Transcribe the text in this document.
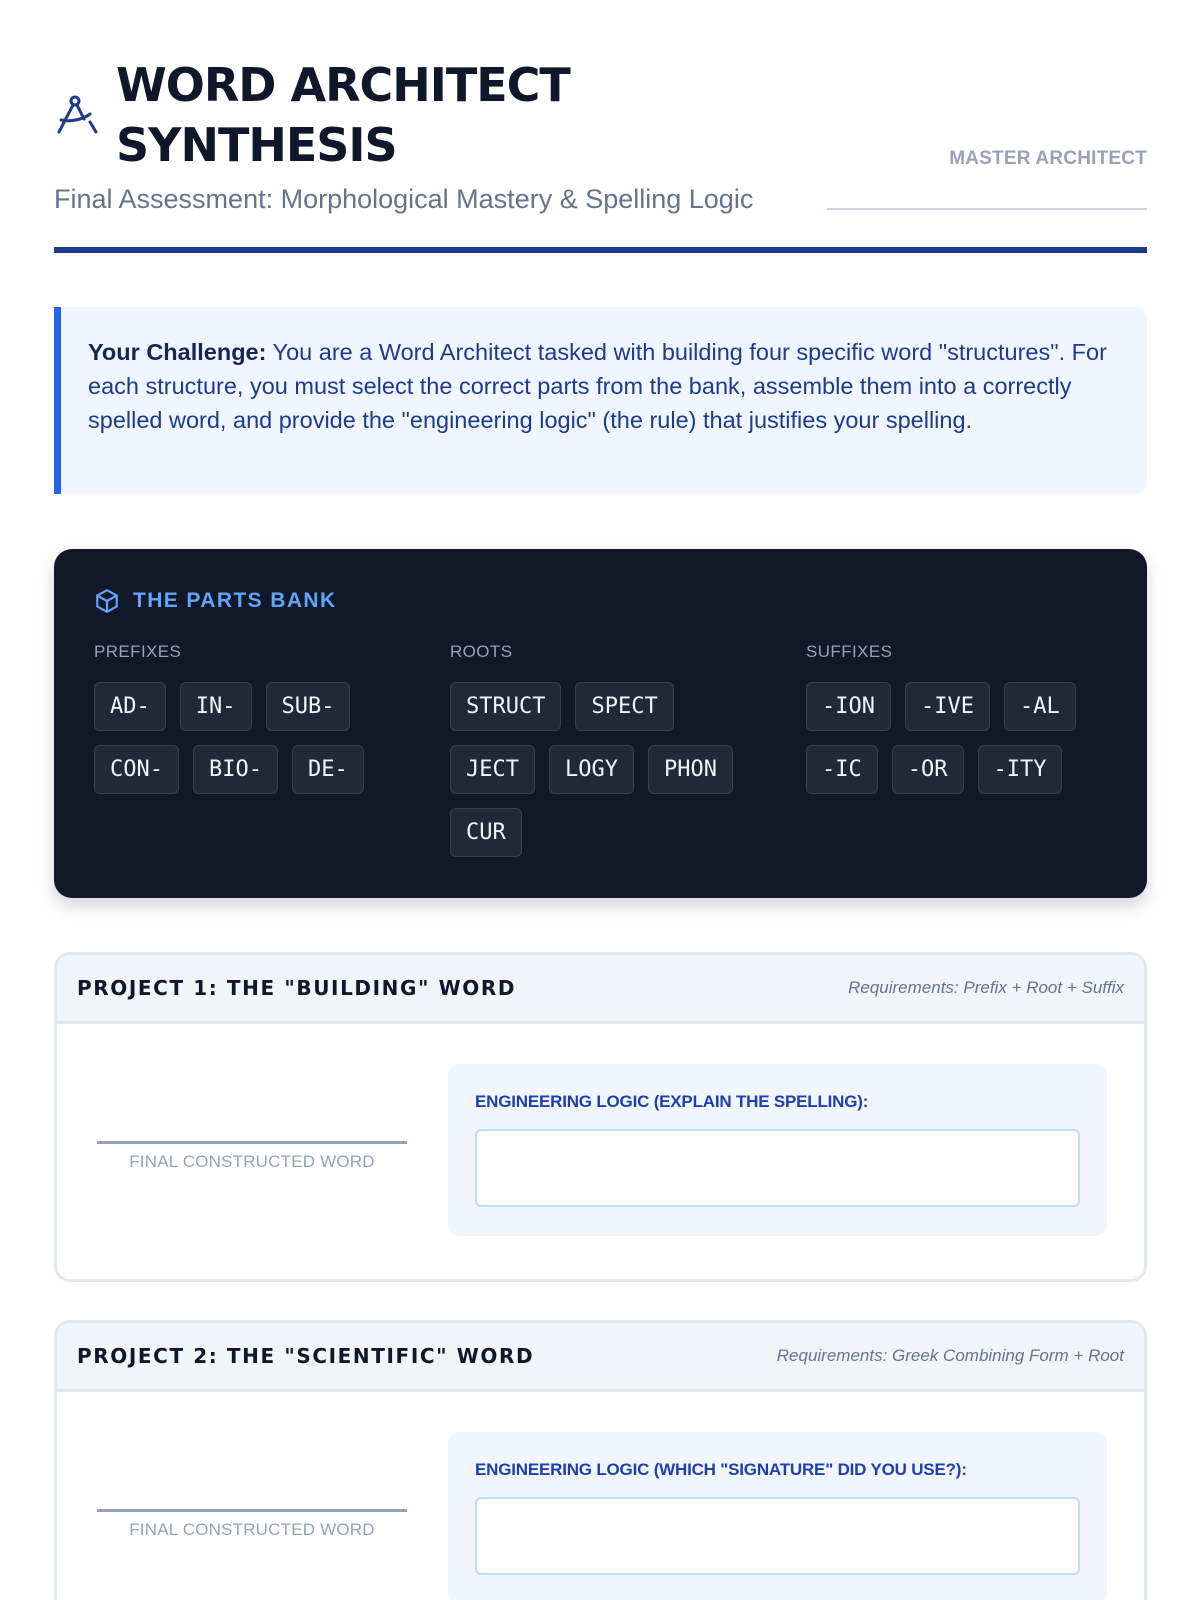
WORD ARCHITECT
SYNTHESIS
Final Assessment: Morphological Mastery & Spelling Logic
MASTER ARCHITECT
Your Challenge: You are a Word Architect tasked with building four specific word "structures". For each structure, you must select the correct parts from the bank, assemble them into a correctly spelled word, and provide the "engineering logic" (the rule) that justifies your spelling.
THE PARTS BANK
PREFIXES
AD-	IN-	SUB-
CON-	BIO-	DE-
ROOTS
STRUCT	SPECT
JECT	LOGY	PHON
CUR
SUFFIXES
-ION	-IVE	-AL
-IC	-OR	-ITY
PROJECT 1: THE "BUILDING" WORD	Requirements: Prefix + Root + Suffix
FINAL CONSTRUCTED WORD
ENGINEERING LOGIC (EXPLAIN THE SPELLING):
PROJECT 2: THE "SCIENTIFIC" WORD	Requirements: Greek Combining Form + Root
FINAL CONSTRUCTED WORD
ENGINEERING LOGIC (WHICH "SIGNATURE" DID YOU USE?):
